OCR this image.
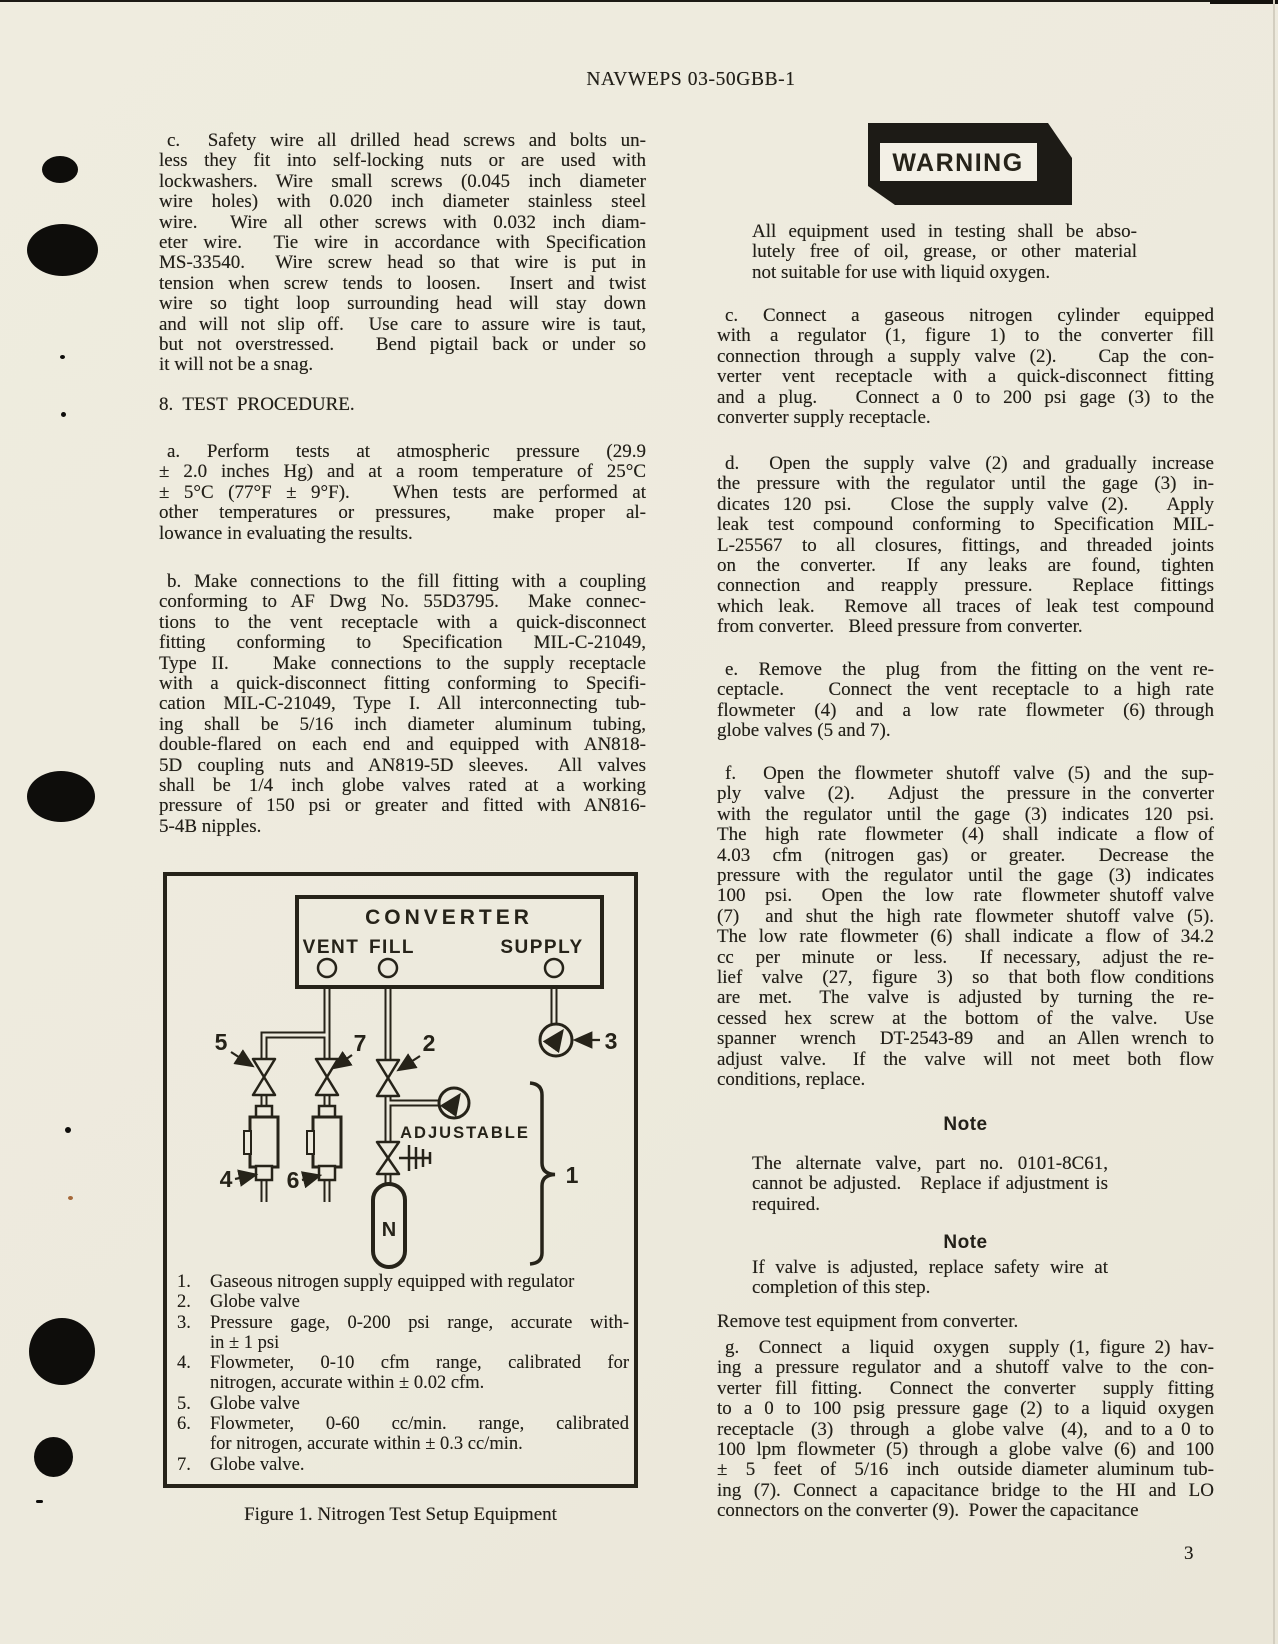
NAVWEPS 03-50GBB-1
c.  Safety wire all drilled head screws and bolts un-
less they fit into self-locking nuts or are used with
lockwashers. Wire small screws (0.045 inch diameter
wire holes) with 0.020 inch diameter stainless steel
wire.  Wire all other screws with 0.032 inch diam-
eter wire.  Tie wire in accordance with Specification
MS-33540.  Wire screw head so that wire is put in
tension when screw tends to loosen.  Insert and twist
wire so tight loop surrounding head will stay down
and will not slip off.  Use care to assure wire is taut,
but not overstressed.   Bend pigtail back or under so
it will not be a snag.
8.  TEST  PROCEDURE.
a.  Perform  tests  at  atmospheric  pressure  (29.9
± 2.0 inches Hg) and at a room temperature of 25°C
± 5°C (77°F ± 9°F).   When tests are performed at
other temperatures or pressures,  make proper al-
lowance in evaluating the results.
b. Make connections to the fill fitting with a coupling
conforming to AF Dwg No. 55D3795.  Make connec-
tions to the vent receptacle with a quick-disconnect
fitting  conforming  to  Specification  MIL-C-21049,
Type II.   Make connections to the supply receptacle
with a quick-disconnect fitting conforming to Specifi-
cation MIL-C-21049, Type I. All interconnecting tub-
ing  shall  be  5/16  inch  diameter  aluminum  tubing,
double-flared on each end and equipped with AN818-
5D coupling nuts and AN819-5D sleeves.  All valves
shall  be  1/4  inch  globe  valves  rated  at  a  working
pressure of 150 psi or greater and fitted with AN816-
5-4B nipples.
CONVERTER
VENT FILL	SUPPLY
ADJUSTABLE
N
5	7 2	3
4 6	1
1.	Gaseous nitrogen supply equipped with regulator
2.	Globe valve
3.	Pressure gage, 0-200 psi range, accurate with-
in ± 1 psi
4.	Flowmeter,  0-10  cfm  range,  calibrated  for
nitrogen, accurate within ± 0.02 cfm.
5.	Globe valve
6.	Flowmeter,  0-60  cc/min.  range,  calibrated
for nitrogen, accurate within ± 0.3 cc/min.
7.	Globe valve.
Figure 1. Nitrogen Test Setup Equipment
WARNING
All equipment used in testing shall be abso-
lutely free of oil, grease, or other material
not suitable for use with liquid oxygen.
c.  Connect  a  gaseous  nitrogen  cylinder  equipped
with a regulator (1, figure 1) to the converter fill
connection through a supply valve (2).   Cap the con-
verter vent receptacle with a quick-disconnect fitting
and a plug.   Connect a 0 to 200 psi gage (3) to the
converter supply receptacle.
d.  Open the supply valve (2) and gradually increase
the pressure with the regulator until the gage (3) in-
dicates 120 psi.   Close the supply valve (2).   Apply
leak test compound conforming to Specification MIL-
L-25567 to all closures, fittings, and threaded joints
on  the  converter.   If  any  leaks  are  found,  tighten
connection  and  reapply  pressure.   Replace  fittings
which leak.  Remove all traces of leak test compound
from converter.   Bleed pressure from converter.
e.  Remove  the  plug  from  the fitting on the vent re-
ceptacle.   Connect the vent receptacle to a high rate
flowmeter  (4)  and  a  low  rate  flowmeter  (6) through
globe valves (5 and 7).
f.  Open the flowmeter shutoff valve (5) and the sup-
ply  valve  (2).   Adjust  the  pressure in the converter
with the regulator until the gage (3) indicates 120 psi.
The  high  rate  flowmeter  (4)  shall  indicate  a flow of
4.03  cfm  (nitrogen  gas)  or  greater.   Decrease  the
pressure with the regulator until the gage (3) indicates
100  psi.   Open  the  low  rate  flowmeter shutoff valve
(7)  and shut the high rate flowmeter shutoff valve (5).
The low rate flowmeter (6) shall indicate a flow of 34.2
cc  per  minute  or  less.   If necessary,  adjust the re-
lief  valve  (27,  figure  3)  so  that both flow conditions
are  met.   The  valve  is  adjusted  by  turning  the  re-
cessed  hex  screw  at  the  bottom  of  the  valve.   Use
spanner  wrench  DT-2543-89  and  an Allen wrench to
adjust  valve.   If  the  valve  will  not  meet  both  flow
conditions, replace.
Note
The  alternate  valve,  part  no.  0101-8C61,
cannot be adjusted.   Replace if adjustment is
required.
Note
If  valve  is  adjusted,  replace  safety  wire  at
completion of this step.
Remove test equipment from converter.
g.  Connect  a  liquid  oxygen  supply (1, figure 2) hav-
ing a pressure regulator and a shutoff valve to the con-
verter fill fitting.  Connect the converter  supply fitting
to a 0 to 100 psig pressure gage (2) to a liquid oxygen
receptacle  (3)  through  a  globe valve  (4),  and to a 0 to
100 lpm flowmeter (5) through a globe valve (6) and 100
±  5  feet  of  5/16  inch  outside diameter aluminum tub-
ing (7). Connect a capacitance bridge to the HI and LO
connectors on the converter (9).  Power the capacitance
3
